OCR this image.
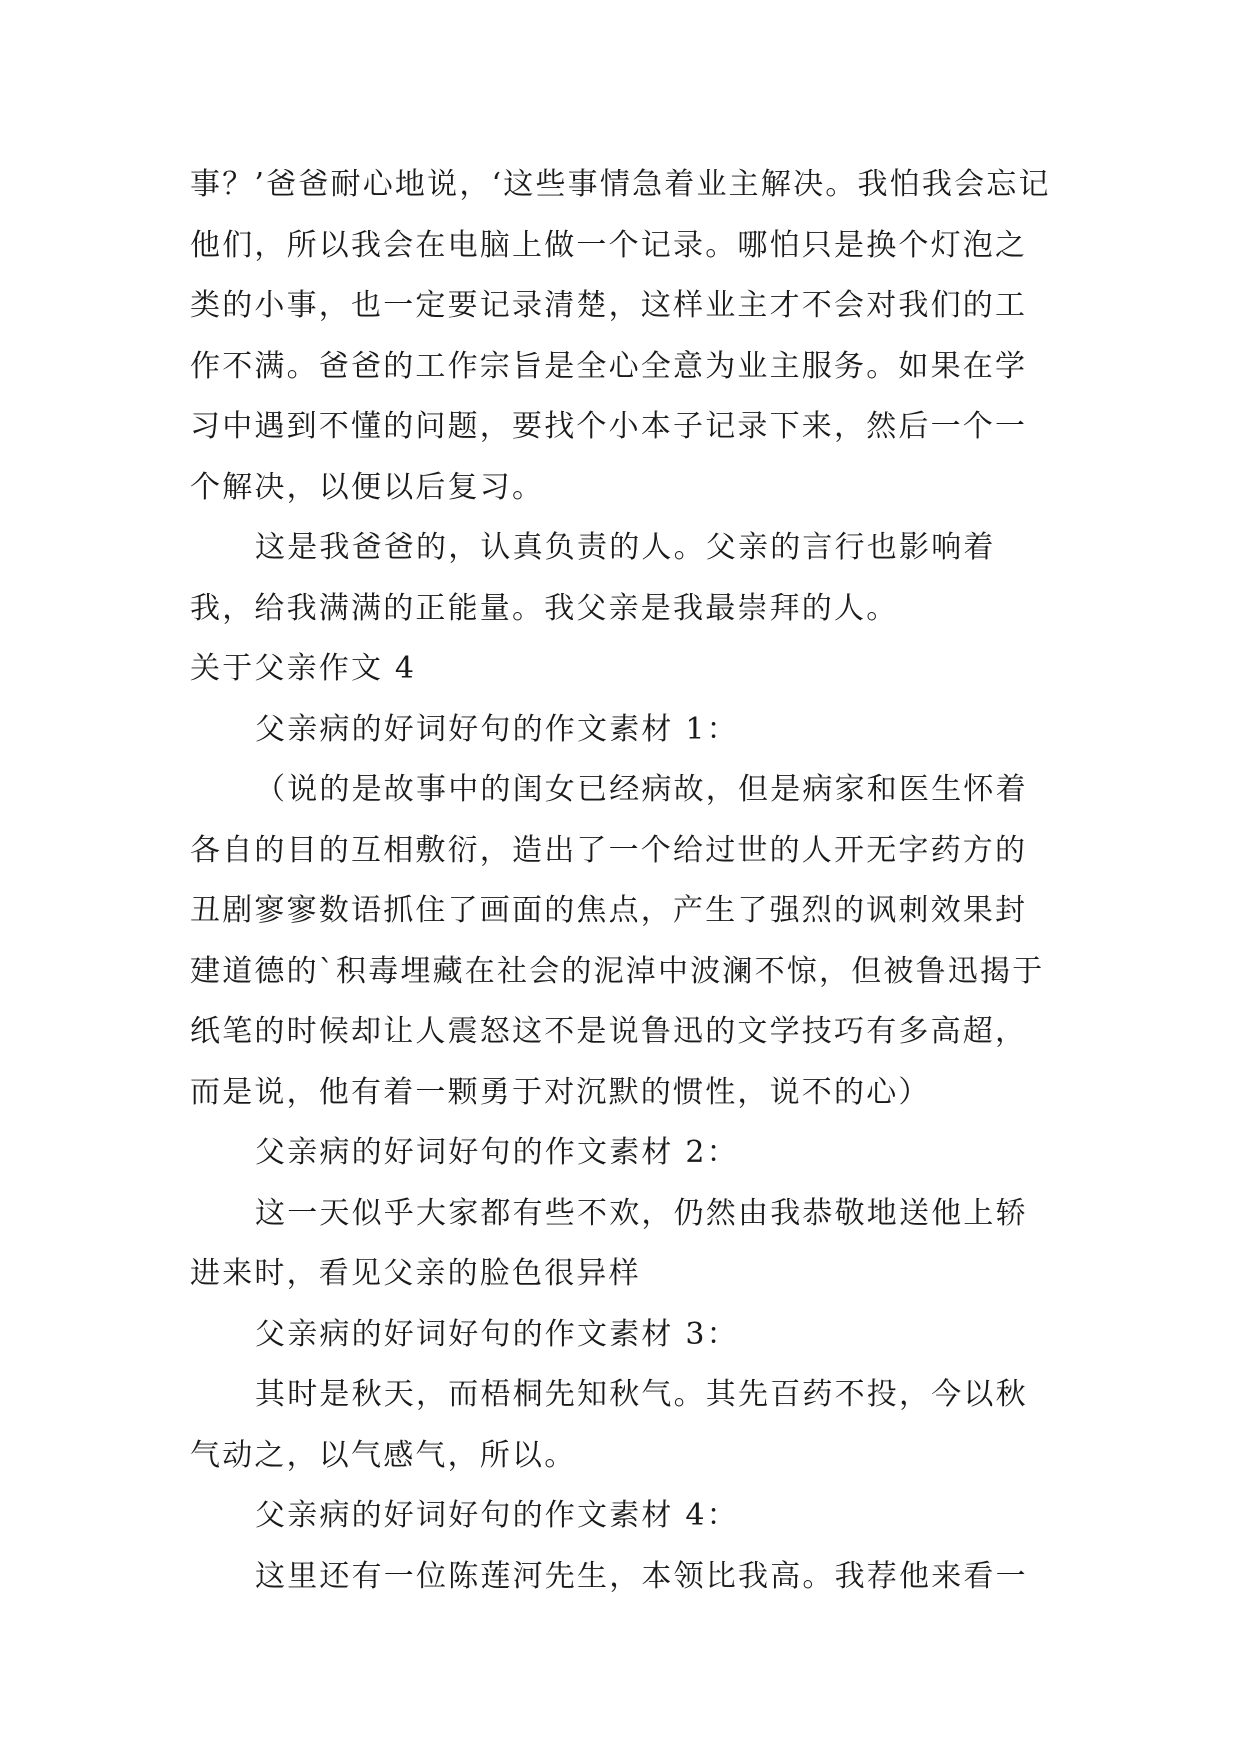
事？’爸爸耐心地说，‘这些事情急着业主解决。我怕我会忘记他们，所以我会在电脑上做一个记录。哪怕只是换个灯泡之类的小事，也一定要记录清楚，这样业主才不会对我们的工作不满。爸爸的工作宗旨是全心全意为业主服务。如果在学习中遇到不懂的问题，要找个小本子记录下来，然后一个一个解决，以便以后复习。

这是我爸爸的，认真负责的人。父亲的言行也影响着我，给我满满的正能量。我父亲是我最崇拜的人。

关于父亲作文 4

父亲病的好词好句的作文素材 1：

（说的是故事中的闺女已经病故，但是病家和医生怀着各自的目的互相敷衍，造出了一个给过世的人开无字药方的丑剧寥寥数语抓住了画面的焦点，产生了强烈的讽刺效果封建道德的`积毒埋藏在社会的泥淖中波澜不惊，但被鲁迅揭于纸笔的时候却让人震怒这不是说鲁迅的文学技巧有多高超，而是说，他有着一颗勇于对沉默的惯性，说不的心）

父亲病的好词好句的作文素材 2：

这一天似乎大家都有些不欢，仍然由我恭敬地送他上轿进来时，看见父亲的脸色很异样

父亲病的好词好句的作文素材 3：

其时是秋天，而梧桐先知秋气。其先百药不投，今以秋气动之，以气感气，所以。

父亲病的好词好句的作文素材 4：

这里还有一位陈莲河先生，本领比我高。我荐他来看一
